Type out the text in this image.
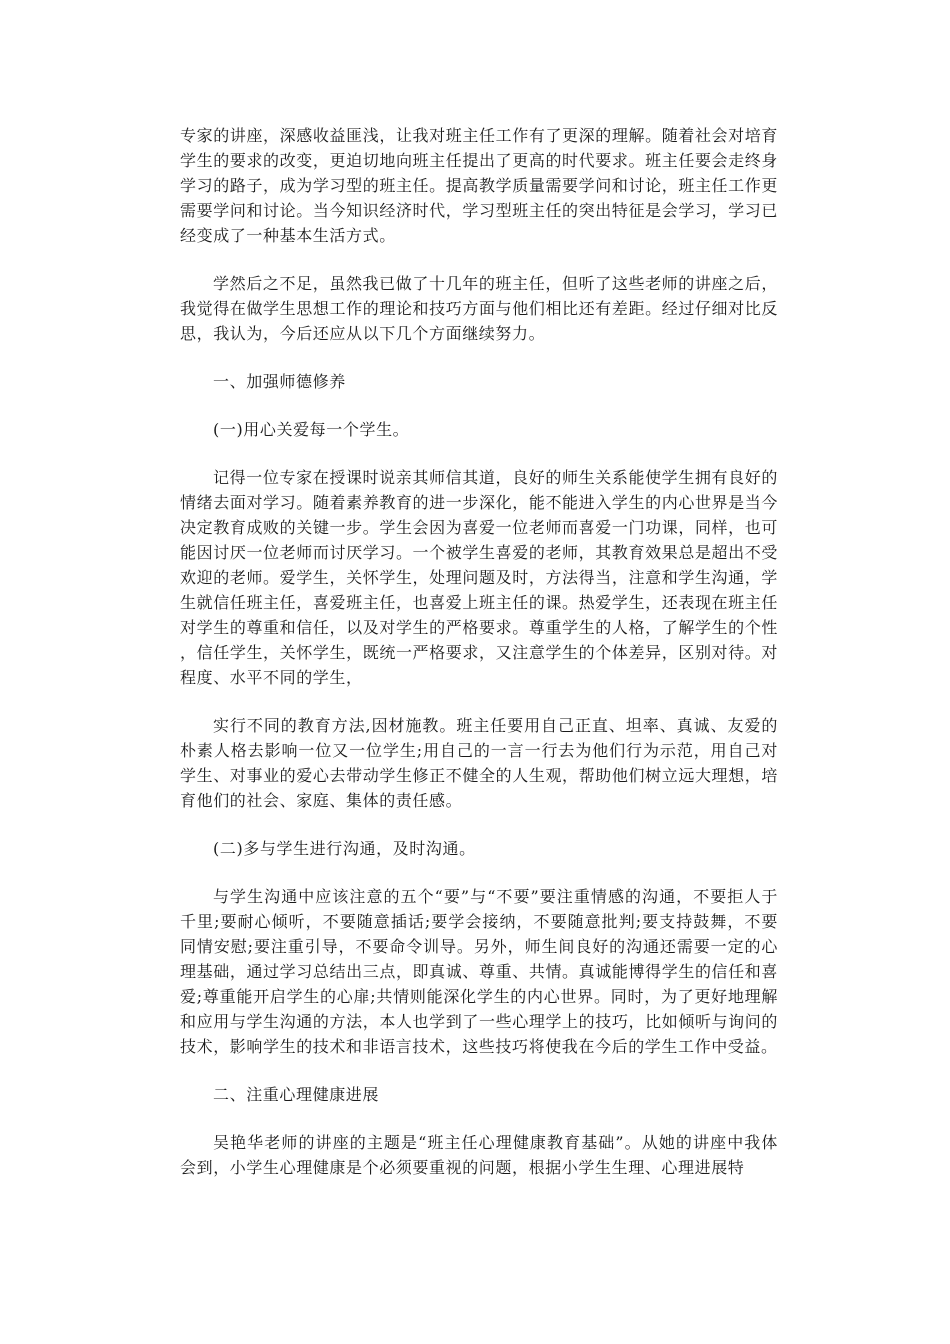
专家的讲座，深感收益匪浅，让我对班主任工作有了更深的理解。随着社会对培育学生的要求的改变，更迫切地向班主任提出了更高的时代要求。班主任要会走终身学习的路子，成为学习型的班主任。提高教学质量需要学问和讨论，班主任工作更需要学问和讨论。当今知识经济时代，学习型班主任的突出特征是会学习，学习已经变成了一种基本生活方式。

学然后之不足，虽然我已做了十几年的班主任，但听了这些老师的讲座之后，我觉得在做学生思想工作的理论和技巧方面与他们相比还有差距。经过仔细对比反思，我认为，今后还应从以下几个方面继续努力。

一、加强师德修养

(一)用心关爱每一个学生。

记得一位专家在授课时说亲其师信其道，良好的师生关系能使学生拥有良好的情绪去面对学习。随着素养教育的进一步深化，能不能进入学生的内心世界是当今决定教育成败的关键一步。学生会因为喜爱一位老师而喜爱一门功课，同样，也可能因讨厌一位老师而讨厌学习。一个被学生喜爱的老师，其教育效果总是超出不受欢迎的老师。爱学生，关怀学生，处理问题及时，方法得当，注意和学生沟通，学生就信任班主任，喜爱班主任，也喜爱上班主任的课。热爱学生，还表现在班主任对学生的尊重和信任，以及对学生的严格要求。尊重学生的人格，了解学生的个性，信任学生，关怀学生，既统一严格要求，又注意学生的个体差异，区别对待。对程度、水平不同的学生，

实行不同的教育方法,因材施教。班主任要用自己正直、坦率、真诚、友爱的朴素人格去影响一位又一位学生;用自己的一言一行去为他们行为示范，用自己对学生、对事业的爱心去带动学生修正不健全的人生观，帮助他们树立远大理想，培育他们的社会、家庭、集体的责任感。

(二)多与学生进行沟通，及时沟通。

与学生沟通中应该注意的五个“要”与“不要”要注重情感的沟通，不要拒人于千里;要耐心倾听，不要随意插话;要学会接纳，不要随意批判;要支持鼓舞，不要同情安慰;要注重引导，不要命令训导。另外，师生间良好的沟通还需要一定的心理基础，通过学习总结出三点，即真诚、尊重、共情。真诚能博得学生的信任和喜爱;尊重能开启学生的心扉;共情则能深化学生的内心世界。同时，为了更好地理解和应用与学生沟通的方法，本人也学到了一些心理学上的技巧，比如倾听与询问的技术，影响学生的技术和非语言技术，这些技巧将使我在今后的学生工作中受益。

二、注重心理健康进展

吴艳华老师的讲座的主题是“班主任心理健康教育基础”。从她的讲座中我体会到，小学生心理健康是个必须要重视的问题，根据小学生生理、心理进展特
